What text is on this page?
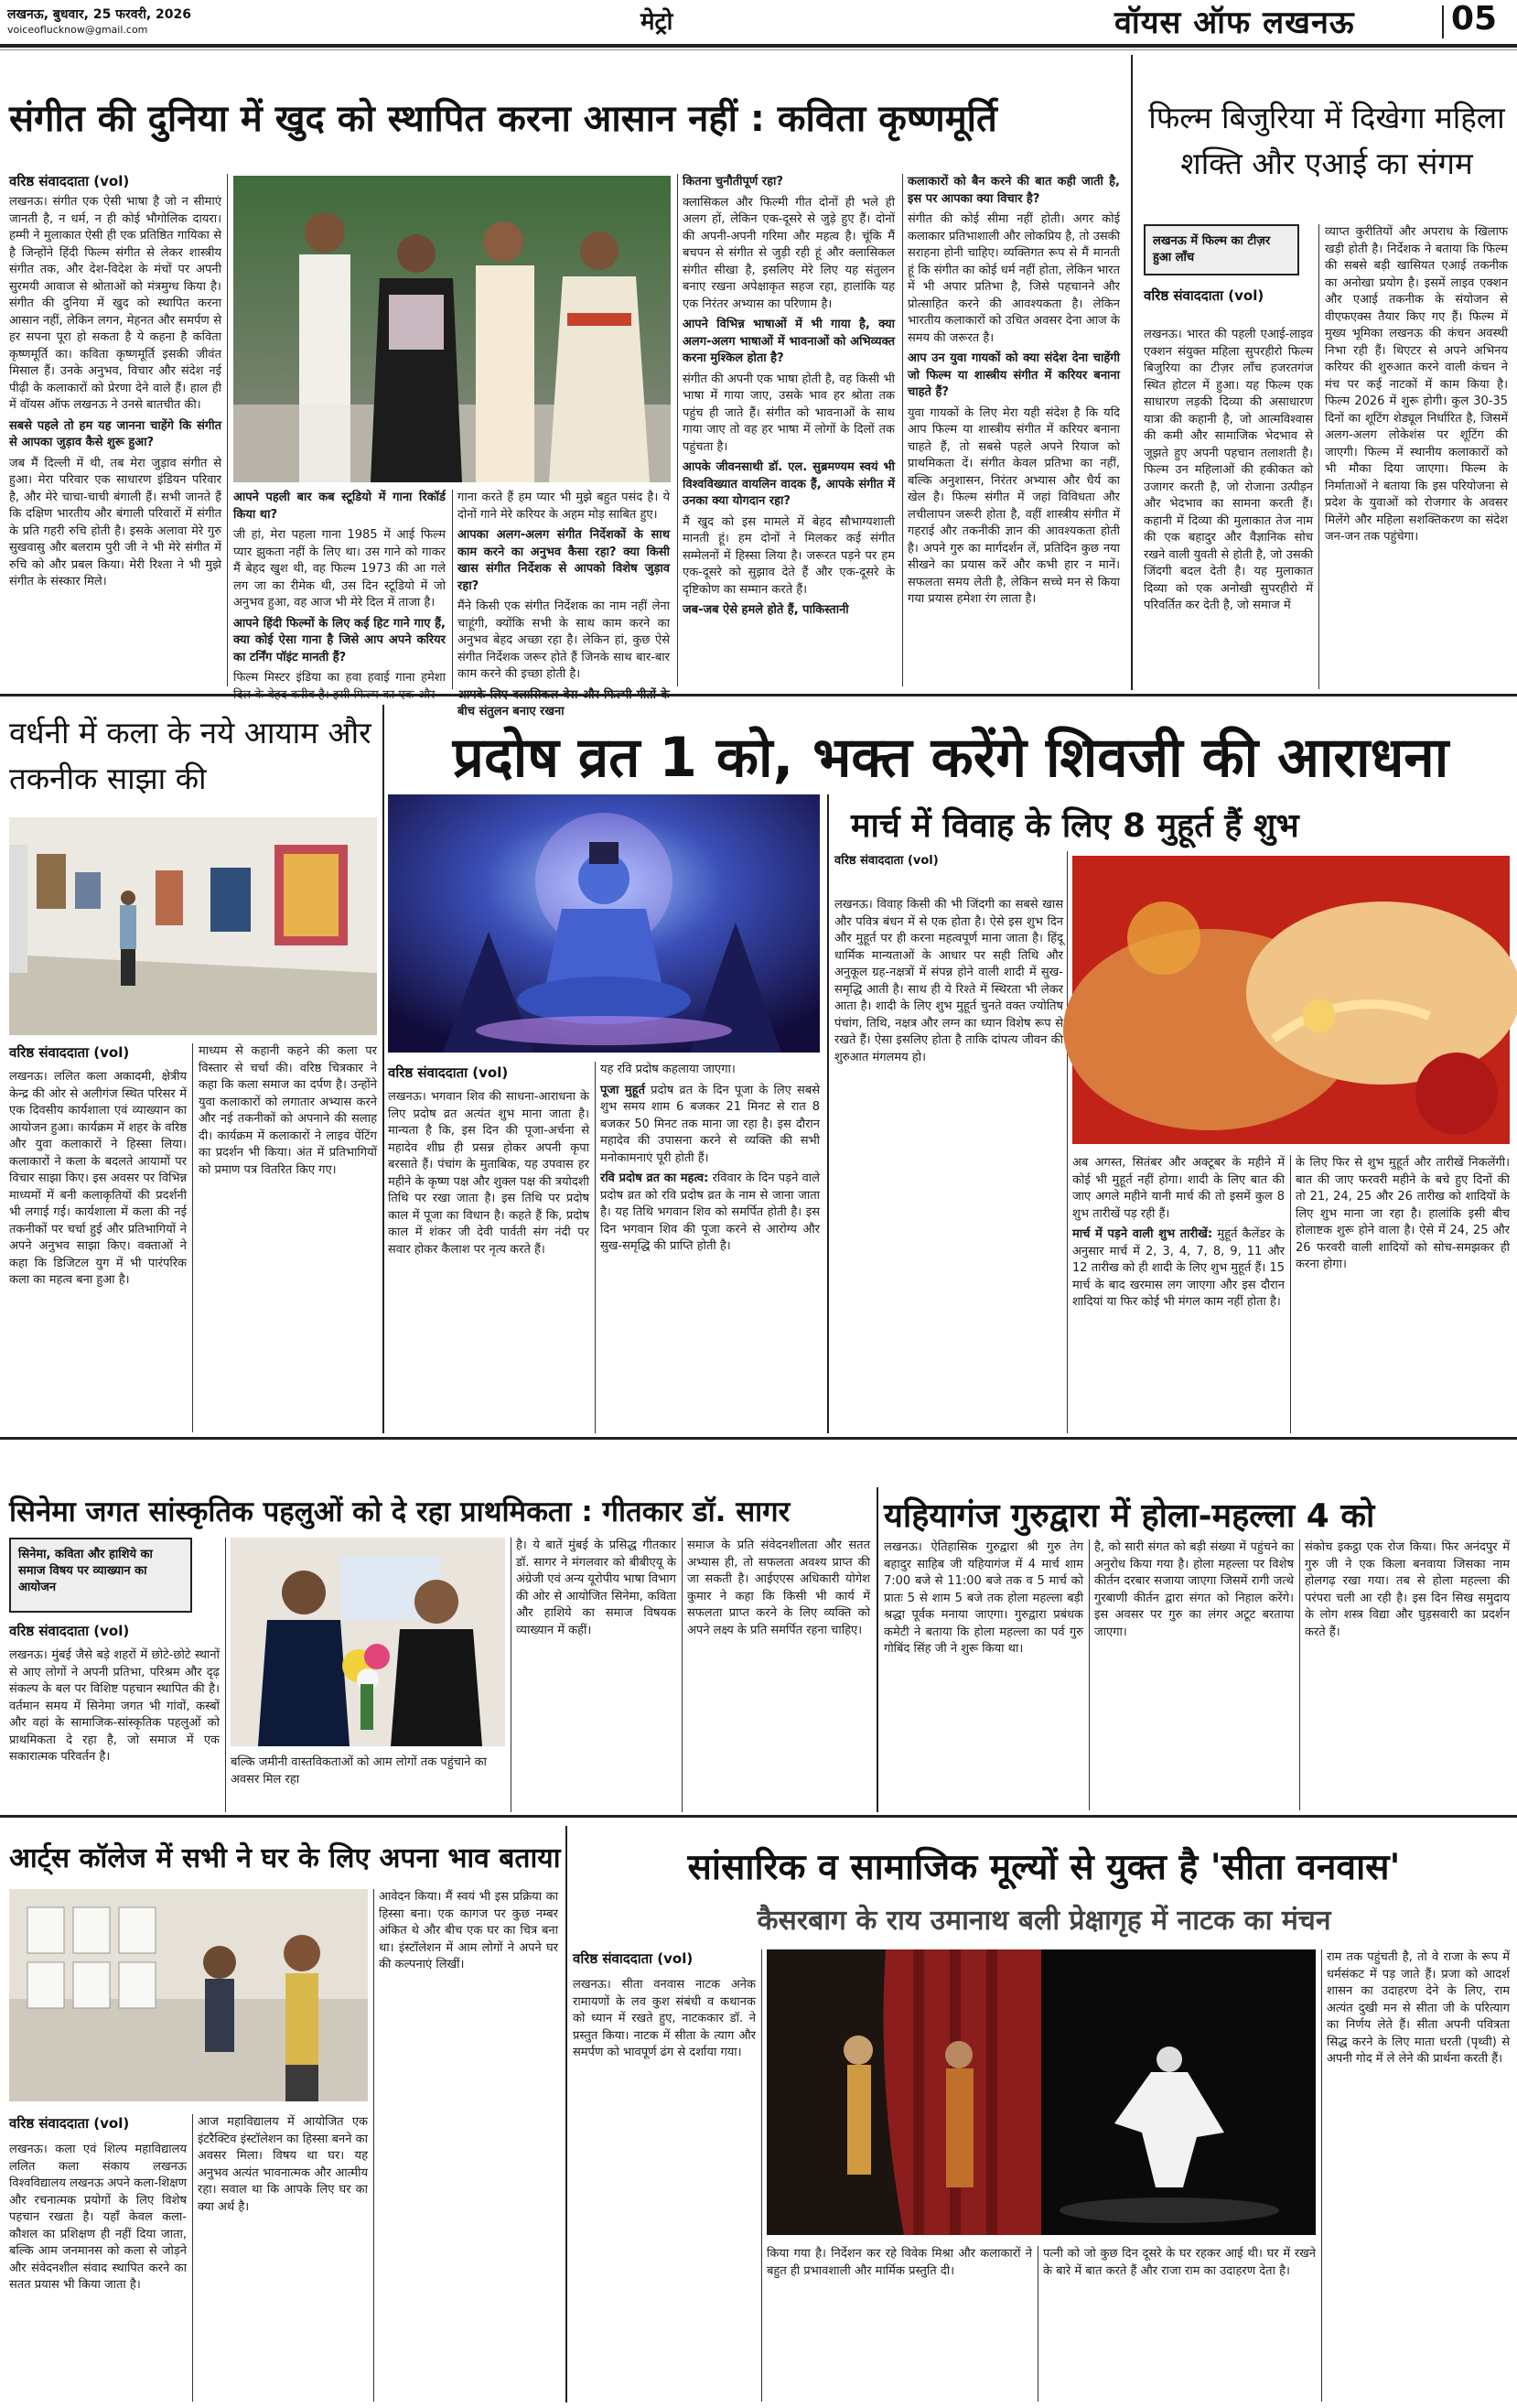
लखनऊ, बुधवार, 25 फरवरी, 2026
voiceoflucknow@gmail.com	मेट्रो	वॉयस ऑफ लखनऊ	05
संगीत की दुनिया में खुद को स्थापित करना आसान नहीं : कविता कृष्णमूर्ति
वरिष्ठ संवाददाता (vol)

लखनऊ। संगीत एक ऐसी भाषा है जो न सीमाएं जानती है, न धर्म, न ही कोई भौगोलिक दायरा। हम्मी ने मुलाकात ऐसी ही एक प्रतिष्ठित गायिका से है जिन्होंने हिंदी फिल्म संगीत से लेकर शास्त्रीय संगीत तक, और देश-विदेश के मंचों पर अपनी सुरमयी आवाज से श्रोताओं को मंत्रमुग्ध किया है। संगीत की दुनिया में खुद को स्थापित करना आसान नहीं, लेकिन लगन, मेहनत और समर्पण से हर सपना पूरा हो सकता है ये कहना है कविता कृष्णमूर्ति का। कविता कृष्णमूर्ति इसकी जीवंत मिसाल हैं। उनके अनुभव, विचार और संदेश नई पीढ़ी के कलाकारों को प्रेरणा देने वाले हैं। हाल ही में वॉयस ऑफ लखनऊ ने उनसे बातचीत की।

सबसे पहले तो हम यह जानना चाहेंगे कि संगीत से आपका जुड़ाव कैसे शुरू हुआ?

जब मैं दिल्ली में थी, तब मेरा जुड़ाव संगीत से हुआ। मेरा परिवार एक साधारण इंडियन परिवार है, और मेरे चाचा-चाची बंगाली हैं। सभी जानते हैं कि दक्षिण भारतीय और बंगाली परिवारों में संगीत के प्रति गहरी रुचि होती है। इसके अलावा मेरे गुरु सुखवासु और बलराम पुरी जी ने भी मेरे संगीत में रुचि को और प्रबल किया। मेरी रिश्ता ने भी मुझे संगीत के संस्कार मिले।

आपने पहली बार कब स्टूडियो में गाना रिकॉर्ड किया था?

जी हां, मेरा पहला गाना 1985 में आई फिल्म प्यार झुकता नहीं के लिए था। उस गाने को गाकर मैं बेहद खुश थी, वह फिल्म 1973 की आ गले लग जा का रीमेक थी, उस दिन स्टूडियो में जो अनुभव हुआ, वह आज भी मेरे दिल में ताजा है।

आपने हिंदी फिल्मों के लिए कई हिट गाने गाए हैं, क्या कोई ऐसा गाना है जिसे आप अपने करियर का टर्निंग पॉइंट मानती हैं?

फिल्म मिस्टर इंडिया का हवा हवाई गाना हमेशा

गाना करते हैं हम प्यार भी मुझे बहुत पसंद है। ये दोनों गाने मेरे करियर के अहम मोड़ साबित हुए।

आपका अलग-अलग संगीत निर्देशकों के साथ काम करने का अनुभव कैसा रहा? क्या किसी खास संगीत निर्देशक से आपको विशेष जुड़ाव रहा?

मैंने किसी एक संगीत निर्देशक का नाम नहीं लेना चाहूंगी, क्योंकि सभी के साथ काम करने का अनुभव बेहद अच्छा रहा है। लेकिन हां, कुछ ऐसे संगीत निर्देशक जरूर होते हैं जिनके साथ बार-बार काम करने की इच्छा होती है।

बीच संतुलन बनाए रखना

कितना चुनौतीपूर्ण रहा?

क्लासिकल और फिल्मी गीत दोनों ही भले ही अलग हों, लेकिन एक-दूसरे से जुड़े हुए हैं। दोनों की अपनी-अपनी गरिमा और महत्व है। चूंकि मैं बचपन से संगीत से जुड़ी रही हूं और क्लासिकल संगीत सीखा है, इसलिए मेरे लिए यह संतुलन बनाए रखना अपेक्षाकृत सहज रहा, हालांकि यह एक निरंतर अभ्यास का परिणाम है।

आपने विभिन्न भाषाओं में भी गाया है, क्या अलग-अलग भाषाओं में भावनाओं को अभिव्यक्त करना मुश्किल होता है?

संगीत की अपनी एक भाषा होती है, वह किसी भी भाषा में गाया जाए, उसके भाव हर श्रोता तक पहुंच ही जाते हैं। संगीत को भावनाओं के साथ गाया जाए तो वह हर भाषा में लोगों के दिलों तक पहुंचता है।

आपके जीवनसाथी डॉ. एल. सुब्रमण्यम स्वयं भी विश्वविख्यात वायलिन वादक हैं, आपके संगीत में उनका क्या योगदान रहा?

मैं खुद को इस मामले में बेहद सौभाग्यशाली मानती हूं। हम दोनों ने मिलकर कई संगीत सम्मेलनों में हिस्सा लिया है। जरूरत पड़ने पर हम एक-दूसरे को सुझाव देते हैं और एक-दूसरे के दृष्टिकोण का सम्मान करते हैं।

जब-जब ऐसे हमले होते हैं, पाकिस्तानी

कलाकारों को बैन करने की बात कही जाती है, इस पर आपका क्या विचार है?

संगीत की कोई सीमा नहीं होती। अगर कोई कलाकार प्रतिभाशाली और लोकप्रिय है, तो उसकी सराहना होनी चाहिए। व्यक्तिगत रूप से मैं मानती हूं कि संगीत का कोई धर्म नहीं होता, लेकिन भारत में भी अपार प्रतिभा है, जिसे पहचानने और प्रोत्साहित करने की आवश्यकता है। लेकिन भारतीय कलाकारों को उचित अवसर देना आज के समय की जरूरत है।

आप उन युवा गायकों को क्या संदेश देना चाहेंगी जो फिल्म या शास्त्रीय संगीत में करियर बनाना चाहते हैं?

युवा गायकों के लिए मेरा यही संदेश है कि यदि आप फिल्म या शास्त्रीय संगीत में करियर बनाना चाहते हैं, तो सबसे पहले अपने रियाज को प्राथमिकता दें। संगीत केवल प्रतिभा का नहीं, बल्कि अनुशासन, निरंतर अभ्यास और धैर्य का खेल है। फिल्म संगीत में जहां विविधता और लचीलापन जरूरी होता है, वहीं शास्त्रीय संगीत में गहराई और तकनीकी ज्ञान की आवश्यकता होती है। अपने गुरु का मार्गदर्शन लें, प्रतिदिन कुछ नया सीखने का प्रयास करें और कभी हार न मानें। सफलता समय लेती है, लेकिन सच्चे मन से किया गया प्रयास हमेशा रंग लाता है।

फिल्म बिजुरिया में दिखेगा महिला शक्ति और एआई का संगम
लखनऊ में फिल्म का टीज़र हुआ लॉंच
वरिष्ठ संवाददाता (vol)
लखनऊ। भारत की पहली एआई-लाइव एक्शन संयुक्त महिला सुपरहीरो फिल्म बिजुरिया का टीज़र लॉंच हजरतगंज स्थित होटल में हुआ। यह फिल्म एक साधारण लड़की दिव्या की असाधारण यात्रा की कहानी है, जो आत्मविश्वास की कमी और सामाजिक भेदभाव से जूझते हुए अपनी पहचान तलाशती है। फिल्म उन महिलाओं की हकीकत को उजागर करती है, जो रोजाना उत्पीड़न और भेदभाव का सामना करती हैं। कहानी में दिव्या की मुलाकात तेज नाम की एक बहादुर और वैज्ञानिक सोच रखने वाली युवती से होती है, जो उसकी जिंदगी बदल देती है। यह मुलाकात दिव्या को एक अनोखी सुपरहीरो में परिवर्तित कर देती है, जो समाज में
व्याप्त कुरीतियों और अपराध के खिलाफ खड़ी होती है। निर्देशक ने बताया कि फिल्म की सबसे बड़ी खासियत एआई तकनीक का अनोखा प्रयोग है। इसमें लाइव एक्शन और एआई तकनीक के संयोजन से वीएफएक्स तैयार किए गए हैं। फिल्म में मुख्य भूमिका लखनऊ की कंचन अवस्थी निभा रही हैं। थिएटर से अपने अभिनय करियर की शुरुआत करने वाली कंचन ने मंच पर कई नाटकों में काम किया है। फिल्म 2026 में शुरू होगी। कुल 30-35 दिनों का शूटिंग शेड्यूल निर्धारित है, जिसमें अलग-अलग लोकेशंस पर शूटिंग की जाएगी। फिल्म में स्थानीय कलाकारों को भी मौका दिया जाएगा। फिल्म के निर्माताओं ने बताया कि इस परियोजना से प्रदेश के युवाओं को रोजगार के अवसर मिलेंगे और महिला सशक्तिकरण का संदेश जन-जन तक पहुंचेगा।
वर्धनी में कला के नये आयाम और तकनीक साझा की
वरिष्ठ संवाददाता (vol)
लखनऊ। ललित कला अकादमी, क्षेत्रीय केन्द्र की ओर से अलीगंज स्थित परिसर में एक दिवसीय कार्यशाला एवं व्याख्यान का आयोजन हुआ। कार्यक्रम में शहर के वरिष्ठ और युवा कलाकारों ने हिस्सा लिया। कलाकारों ने कला के बदलते आयामों पर विचार साझा किए। इस अवसर पर विभिन्न माध्यमों में बनी कलाकृतियों की प्रदर्शनी भी लगाई गई। कार्यशाला में कला की नई तकनीकों पर चर्चा हुई और प्रतिभागियों ने अपने अनुभव साझा किए। वक्ताओं ने कहा कि डिजिटल युग में भी पारंपरिक कला का महत्व बना हुआ है।
माध्यम से कहानी कहने की कला पर विस्तार से चर्चा की। वरिष्ठ चित्रकार ने कहा कि कला समाज का दर्पण है। उन्होंने युवा कलाकारों को लगातार अभ्यास करने और नई तकनीकों को अपनाने की सलाह दी। कार्यक्रम में कलाकारों ने लाइव पेंटिंग का प्रदर्शन भी किया। अंत में प्रतिभागियों को प्रमाण पत्र वितरित किए गए।
प्रदोष व्रत 1 को, भक्त करेंगे शिवजी की आराधना
वरिष्ठ संवाददाता (vol)
लखनऊ। भगवान शिव की साधना-आराधना के लिए प्रदोष व्रत अत्यंत शुभ माना जाता है। मान्यता है कि, इस दिन की पूजा-अर्चना से महादेव शीघ्र ही प्रसन्न होकर अपनी कृपा बरसाते हैं। पंचांग के मुताबिक, यह उपवास हर महीने के कृष्ण पक्ष और शुक्ल पक्ष की त्रयोदशी तिथि पर रखा जाता है। इस तिथि पर प्रदोष काल में पूजा का विधान है। कहते हैं कि, प्रदोष काल में शंकर जी देवी पार्वती संग नंदी पर सवार होकर कैलाश पर नृत्य करते हैं।

यह रवि प्रदोष कहलाया जाएगा।

पूजा मुहूर्त प्रदोष व्रत के दिन पूजा के लिए सबसे शुभ समय शाम 6 बजकर 21 मिनट से रात 8 बजकर 50 मिनट तक माना जा रहा है। इस दौरान महादेव की उपासना करने से व्यक्ति की सभी मनोकामनाएं पूरी होती हैं।

रवि प्रदोष व्रत का महत्व: रविवार के दिन पड़ने वाले प्रदोष व्रत को रवि प्रदोष व्रत के नाम से जाना जाता है। यह तिथि भगवान शिव को समर्पित होती है। इस दिन भगवान शिव की पूजा करने से आरोग्य और सुख-समृद्धि की प्राप्ति होती है।

मार्च में विवाह के लिए 8 मुहूर्त हैं शुभ
वरिष्ठ संवाददाता (vol)
लखनऊ। विवाह किसी की भी जिंदगी का सबसे खास और पवित्र बंधन में से एक होता है। ऐसे इस शुभ दिन और मुहूर्त पर ही करना महत्वपूर्ण माना जाता है। हिंदू धार्मिक मान्यताओं के आधार पर सही तिथि और अनुकूल ग्रह-नक्षत्रों में संपन्न होने वाली शादी में सुख-समृद्धि आती है। साथ ही ये रिश्ते में स्थिरता भी लेकर आता है। शादी के लिए शुभ मुहूर्त चुनते वक्त ज्योतिष पंचांग, तिथि, नक्षत्र और लग्न का ध्यान विशेष रूप से रखते हैं। ऐसा इसलिए होता है ताकि दांपत्य जीवन की शुरुआत मंगलमय हो।

अब अगस्त, सितंबर और अक्टूबर के महीने में कोई भी मुहूर्त नहीं होगा। शादी के लिए बात की जाए अगले महीने यानी मार्च की तो इसमें कुल 8 शुभ तारीखें पड़ रही हैं।

मार्च में पड़ने वाली शुभ तारीखें: मुहूर्त कैलेंडर के अनुसार मार्च में 2, 3, 4, 7, 8, 9, 11 और 12 तारीख को ही शादी के लिए शुभ मुहूर्त हैं। 15 मार्च के बाद खरमास लग जाएगा और इस दौरान शादियां या फिर कोई भी मंगल काम नहीं होता है।

के लिए फिर से शुभ मुहूर्त और तारीखें निकलेंगी। बात की जाए फरवरी महीने के बचे हुए दिनों की तो 21, 24, 25 और 26 तारीख को शादियों के लिए शुभ माना जा रहा है। हालांकि इसी बीच होलाष्टक शुरू होने वाला है। ऐसे में 24, 25 और 26 फरवरी वाली शादियों को सोच-समझकर ही करना होगा।
सिनेमा जगत सांस्कृतिक पहलुओं को दे रहा प्राथमिकता : गीतकार डॉ. सागर
सिनेमा, कविता और हाशिये का समाज विषय पर व्याख्यान का आयोजन
वरिष्ठ संवाददाता (vol)
लखनऊ। मुंबई जैसे बड़े शहरों में छोटे-छोटे स्थानों से आए लोगों ने अपनी प्रतिभा, परिश्रम और दृढ़ संकल्प के बल पर विशिष्ट पहचान स्थापित की है। वर्तमान समय में सिनेमा जगत भी गांवों, कस्बों और वहां के सामाजिक-सांस्कृतिक पहलुओं को प्राथमिकता दे रहा है, जो समाज में एक सकारात्मक परिवर्तन है।	बल्कि जमीनी वास्तविकताओं को आम लोगों तक पहुंचाने का अवसर मिल रहा
है। ये बातें मुंबई के प्रसिद्ध गीतकार डॉ. सागर ने मंगलवार को बीबीएयू के अंग्रेजी एवं अन्य यूरोपीय भाषा विभाग की ओर से आयोजित सिनेमा, कविता और हाशिये का समाज विषयक व्याख्यान में कहीं।
समाज के प्रति संवेदनशीलता और सतत अभ्यास ही, तो सफलता अवश्य प्राप्त की जा सकती है। आईएएस अधिकारी योगेश कुमार ने कहा कि किसी भी कार्य में सफलता प्राप्त करने के लिए व्यक्ति को अपने लक्ष्य के प्रति समर्पित रहना चाहिए।
यहियागंज गुरुद्वारा में होला-महल्ला 4 को
लखनऊ। ऐतिहासिक गुरुद्वारा श्री गुरु तेग बहादुर साहिब जी यहियागंज में 4 मार्च शाम 7:00 बजे से 11:00 बजे तक व 5 मार्च को प्रातः 5 से शाम 5 बजे तक होला महल्ला बड़ी श्रद्धा पूर्वक मनाया जाएगा। गुरुद्वारा प्रबंधक कमेटी ने बताया कि होला महल्ला का पर्व गुरु गोबिंद सिंह जी ने शुरू किया था।
है, को सारी संगत को बड़ी संख्या में पहुंचने का अनुरोध किया गया है। होला महल्ला पर विशेष कीर्तन दरबार सजाया जाएगा जिसमें रागी जत्थे गुरबाणी कीर्तन द्वारा संगत को निहाल करेंगे। इस अवसर पर गुरु का लंगर अटूट बरताया जाएगा।
संकोच इकट्ठा एक रोज किया। फिर अनंदपुर में गुरु जी ने एक किला बनवाया जिसका नाम होलगढ़ रखा गया। तब से होला महल्ला की परंपरा चली आ रही है। इस दिन सिख समुदाय के लोग शस्त्र विद्या और घुड़सवारी का प्रदर्शन करते हैं।
आर्ट्स कॉलेज में सभी ने घर के लिए अपना भाव बताया
वरिष्ठ संवाददाता (vol)
लखनऊ। कला एवं शिल्प महाविद्यालय ललित कला संकाय लखनऊ विश्वविद्यालय लखनऊ अपने कला-शिक्षण और रचनात्मक प्रयोगों के लिए विशेष पहचान रखता है। यहाँ केवल कला-कौशल का प्रशिक्षण ही नहीं दिया जाता, बल्कि आम जनमानस को कला से जोड़ने और संवेदनशील संवाद स्थापित करने का सतत प्रयास भी किया जाता है।
आज महाविद्यालय में आयोजित एक इंटरैक्टिव इंस्टॉलेशन का हिस्सा बनने का अवसर मिला। विषय था घर। यह अनुभव अत्यंत भावनात्मक और आत्मीय रहा। सवाल था कि आपके लिए घर का क्या अर्थ है।
आवेदन किया। मैं स्वयं भी इस प्रक्रिया का हिस्सा बना। एक कागज पर कुछ नम्बर अंकित थे और बीच एक घर का चित्र बना था। इंस्टॉलेशन में आम लोगों ने अपने घर की कल्पनाएं लिखीं।
सांसारिक व सामाजिक मूल्यों से युक्त है 'सीता वनवास'
कैसरबाग के राय उमानाथ बली प्रेक्षागृह में नाटक का मंचन
वरिष्ठ संवाददाता (vol)
लखनऊ। सीता वनवास नाटक अनेक रामायणों के लव कुश संबंधी व कथानक को ध्यान में रखते हुए, नाटककार डॉ. ने प्रस्तुत किया। नाटक में सीता के त्याग और समर्पण को भावपूर्ण ढंग से दर्शाया गया।
किया गया है। निर्देशन कर रहे विवेक मिश्रा और कलाकारों ने बहुत ही प्रभावशाली और मार्मिक प्रस्तुति दी।
पत्नी को जो कुछ दिन दूसरे के घर रहकर आई थी। घर में रखने के बारे में बात करते हैं और राजा राम का उदाहरण देता है।
राम तक पहुंचती है, तो वे राजा के रूप में धर्मसंकट में पड़ जाते हैं। प्रजा को आदर्श शासन का उदाहरण देने के लिए, राम अत्यंत दुखी मन से सीता जी के परित्याग का निर्णय लेते हैं। सीता अपनी पवित्रता सिद्ध करने के लिए माता धरती (पृथ्वी) से अपनी गोद में ले लेने की प्रार्थना करती हैं।
